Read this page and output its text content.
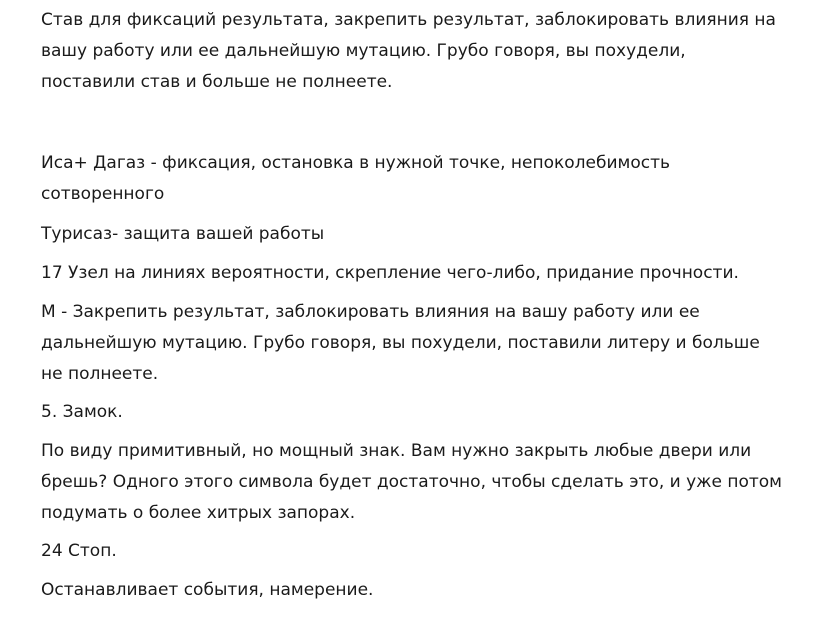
Став для фиксаций результата, закрепить результат, заблокировать влияния на
вашу работу или ее дальнейшую мутацию. Грубо говоря, вы похудели,
поставили став и больше не полнеете.
Иса+ Дагаз - фиксация, остановка в нужной точке, непоколебимость
сотворенного
Турисаз- защита вашей работы
17 Узел на линиях вероятности, скрепление чего-либо, придание прочности.
М - Закрепить результат, заблокировать влияния на вашу работу или ее
дальнейшую мутацию. Грубо говоря, вы похудели, поставили литеру и больше
не полнеете.
5. Замок.
По виду примитивный, но мощный знак. Вам нужно закрыть любые двери или
брешь? Одного этого символа будет достаточно, чтобы сделать это, и уже потом
подумать о более хитрых запорах.
24 Стоп.
Останавливает события, намерение.
